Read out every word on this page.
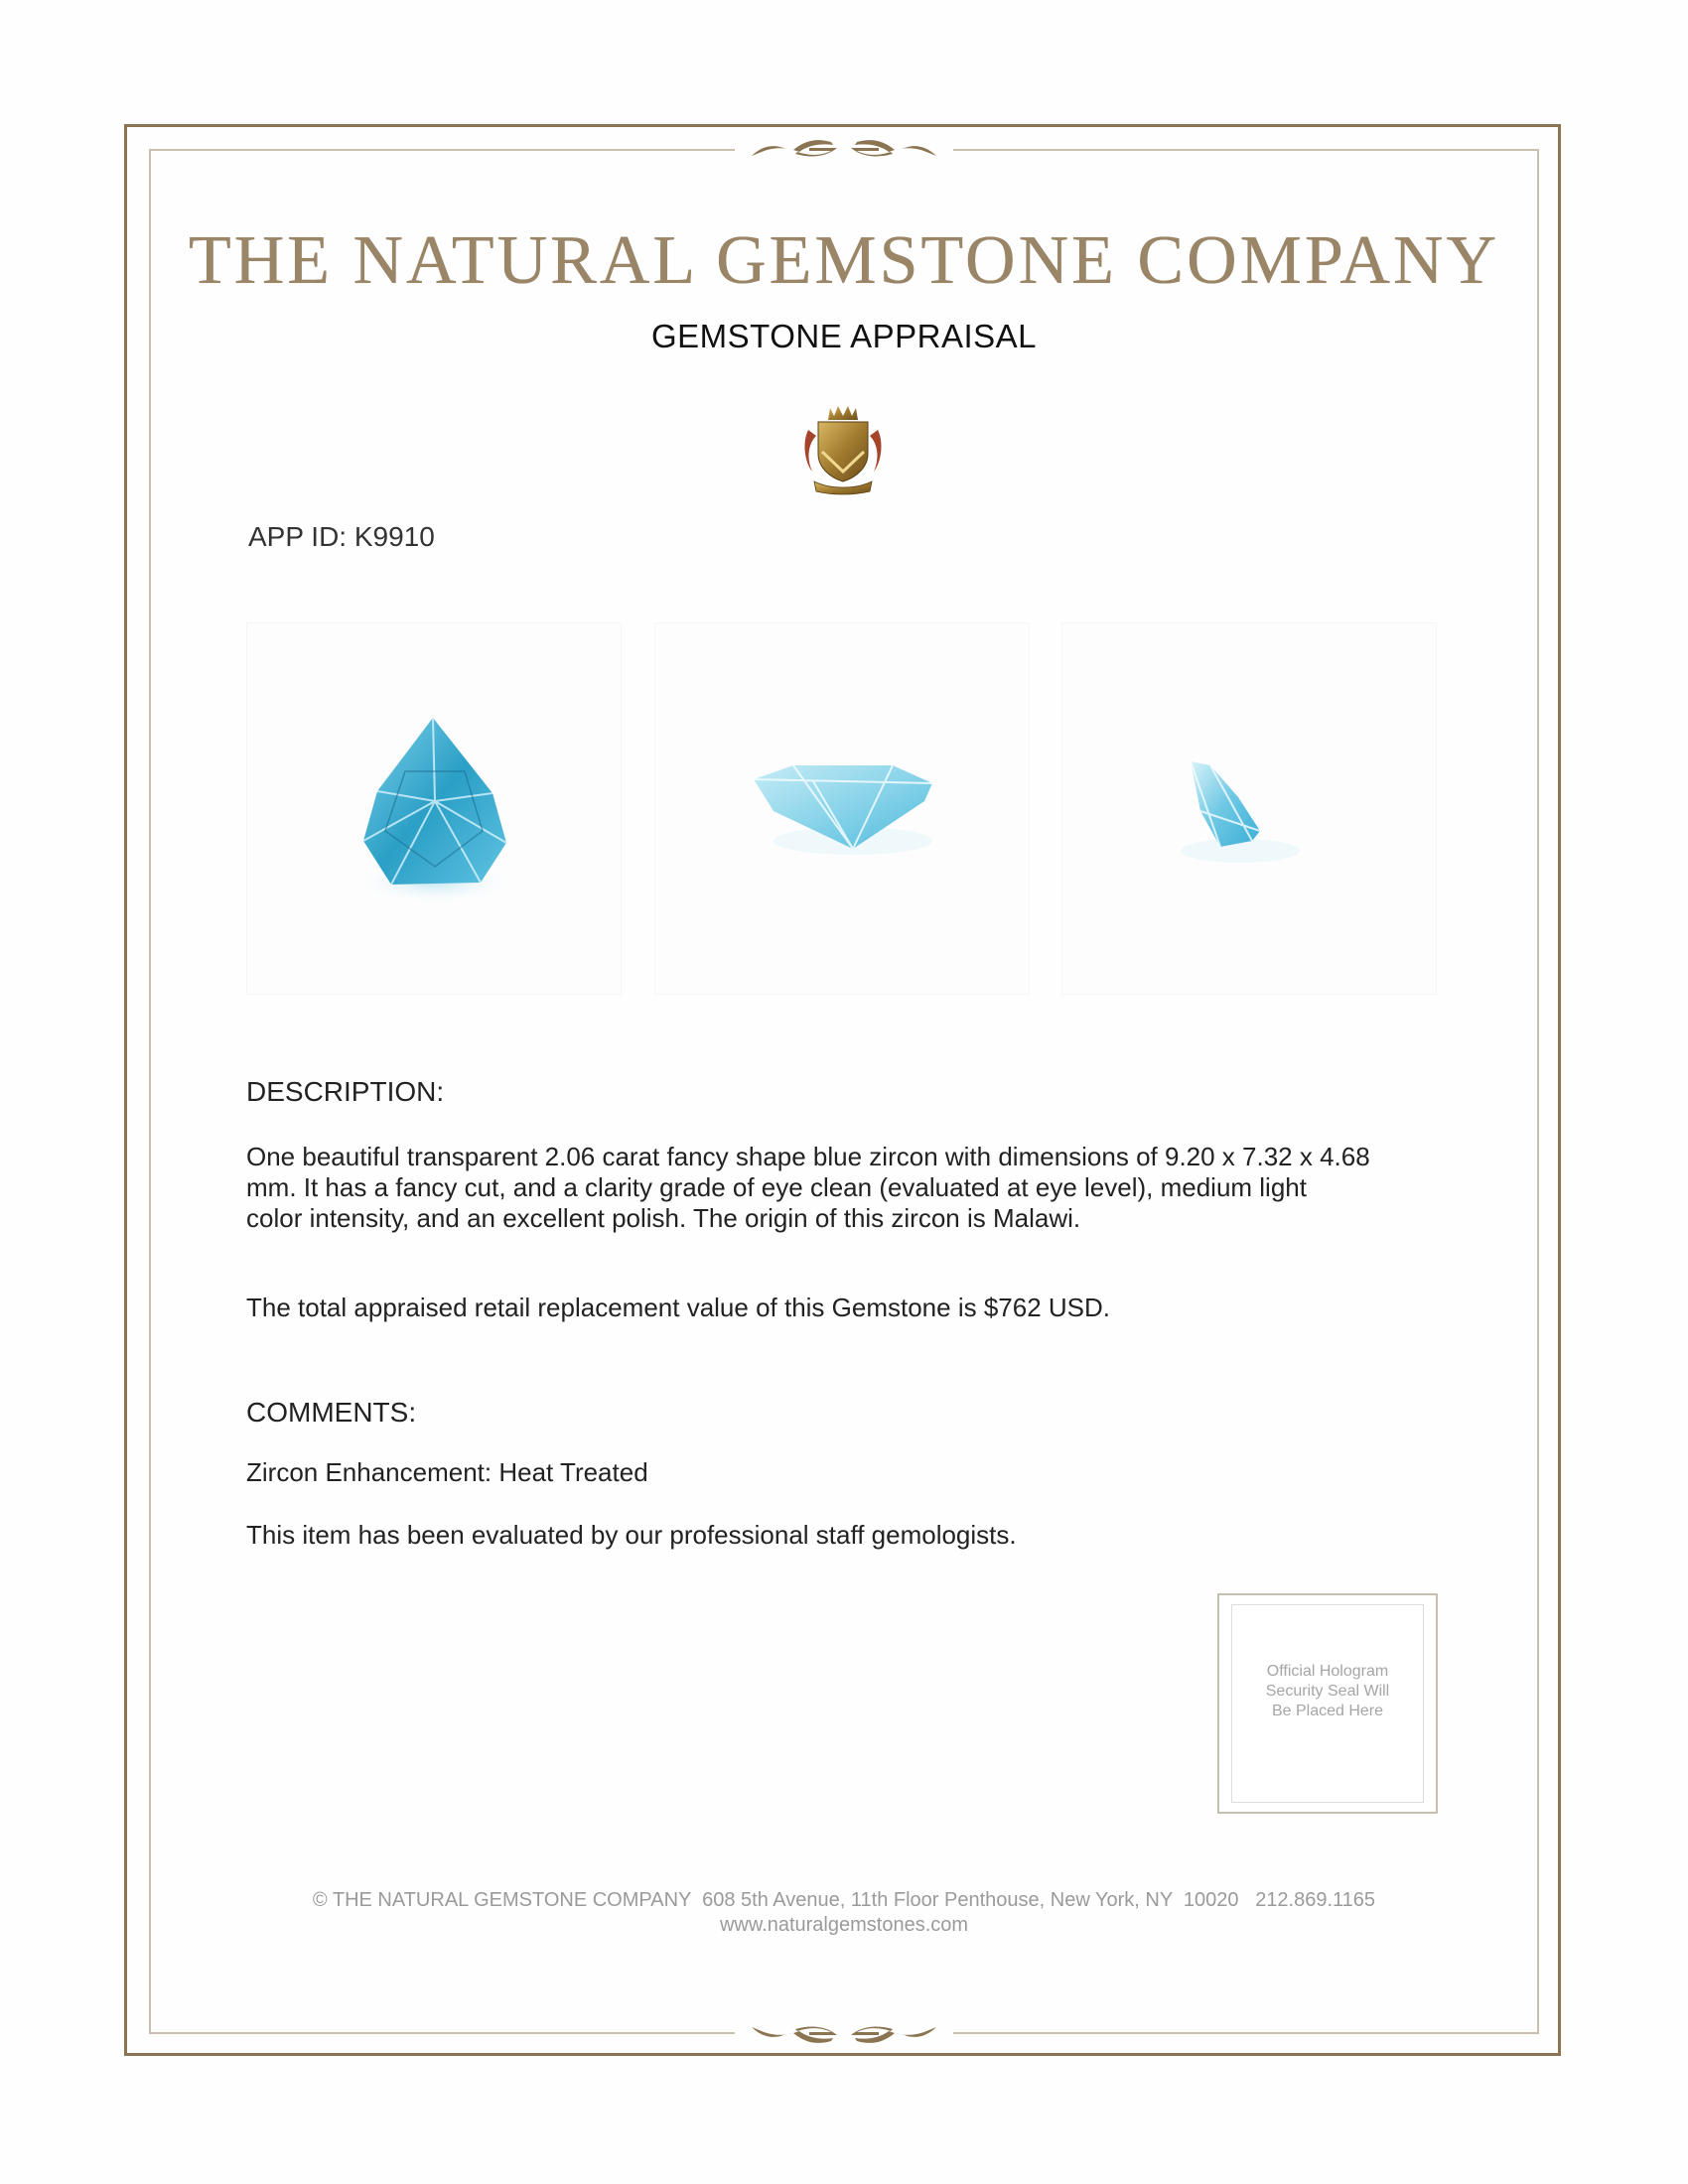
THE NATURAL GEMSTONE COMPANY
GEMSTONE APPRAISAL
APP ID: K9910
DESCRIPTION:
One beautiful transparent 2.06 carat fancy shape blue zircon with dimensions of 9.20 x 7.32 x 4.68
mm. It has a fancy cut, and a clarity grade of eye clean (evaluated at eye level), medium light
color intensity, and an excellent polish. The origin of this zircon is Malawi.
The total appraised retail replacement value of this Gemstone is $762 USD.
COMMENTS:
Zircon Enhancement: Heat Treated
This item has been evaluated by our professional staff gemologists.
Official Hologram
Security Seal Will
Be Placed Here
© THE NATURAL GEMSTONE COMPANY  608 5th Avenue, 11th Floor Penthouse, New York, NY  10020   212.869.1165
www.naturalgemstones.com
